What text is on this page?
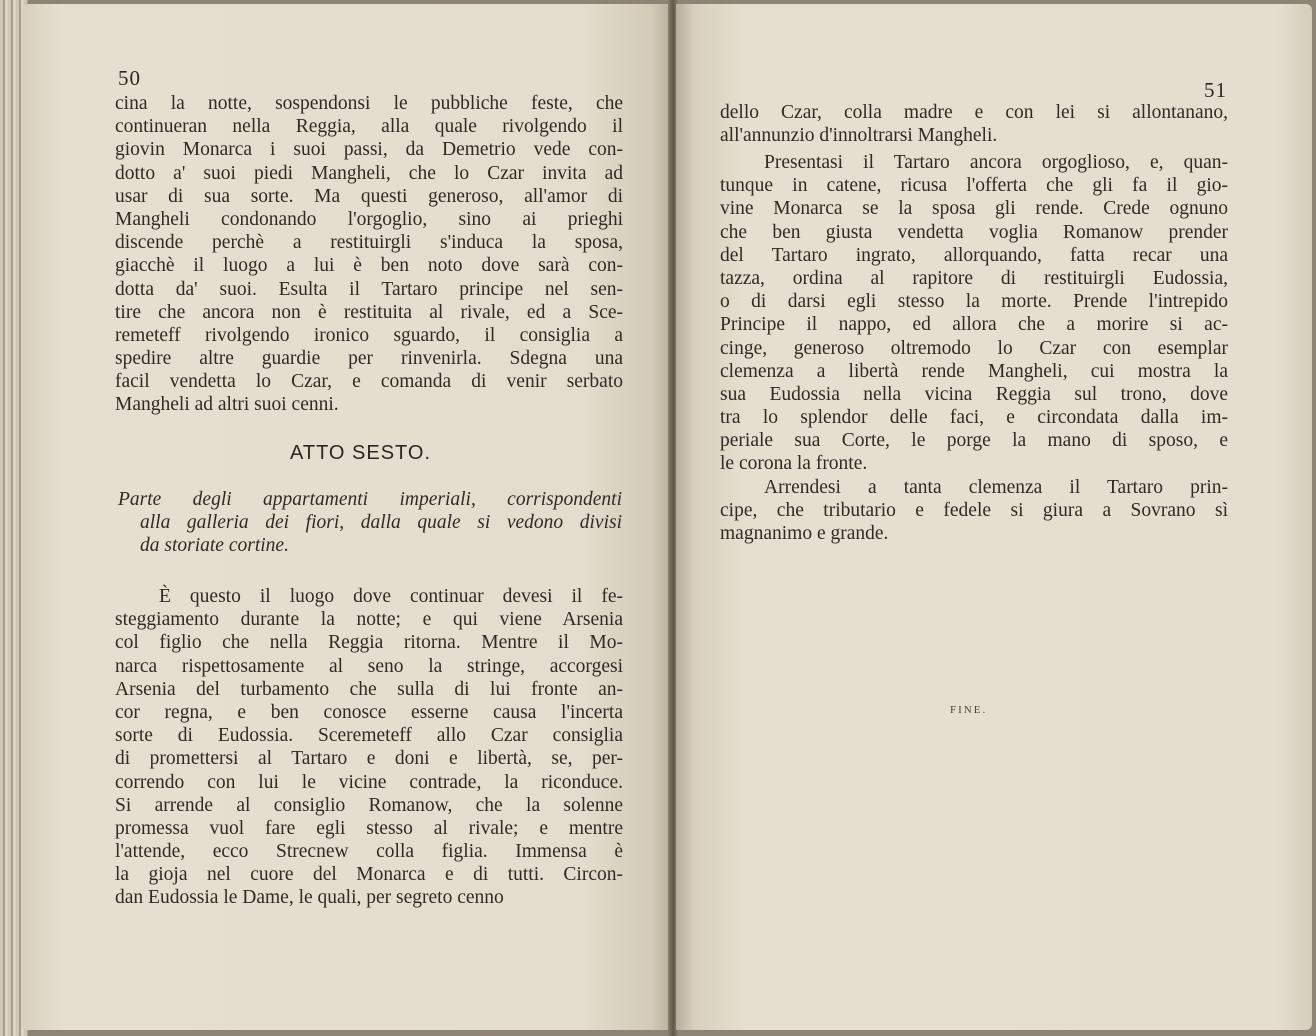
50
cina la notte, sospendonsi le pubbliche feste, che
continueran nella Reggia, alla quale rivolgendo il
giovin Monarca i suoi passi, da Demetrio vede con-
dotto a' suoi piedi Mangheli, che lo Czar invita ad
usar di sua sorte. Ma questi generoso, all'amor di
Mangheli condonando l'orgoglio, sino ai prieghi
discende perchè a restituirgli s'induca la sposa,
giacchè il luogo a lui è ben noto dove sarà con-
dotta da' suoi. Esulta il Tartaro principe nel sen-
tire che ancora non è restituita al rivale, ed a Sce-
remeteff rivolgendo ironico sguardo, il consiglia a
spedire altre guardie per rinvenirla. Sdegna una
facil vendetta lo Czar, e comanda di venir serbato
Mangheli ad altri suoi cenni.
ATTO SESTO.
Parte degli appartamenti imperiali, corrispondenti
alla galleria dei fiori, dalla quale si vedono divisi
da storiate cortine.
È questo il luogo dove continuar devesi il fe-
steggiamento durante la notte; e qui viene Arsenia
col figlio che nella Reggia ritorna. Mentre il Mo-
narca rispettosamente al seno la stringe, accorgesi
Arsenia del turbamento che sulla di lui fronte an-
cor regna, e ben conosce esserne causa l'incerta
sorte di Eudossia. Sceremeteff allo Czar consiglia
di promettersi al Tartaro e doni e libertà, se, per-
correndo con lui le vicine contrade, la riconduce.
Si arrende al consiglio Romanow, che la solenne
promessa vuol fare egli stesso al rivale; e mentre
l'attende, ecco Strecnew colla figlia. Immensa è
la gioja nel cuore del Monarca e di tutti. Circon-
dan Eudossia le Dame, le quali, per segreto cenno
51
dello Czar, colla madre e con lei si allontanano,
all'annunzio d'innoltrarsi Mangheli.
Presentasi il Tartaro ancora orgoglioso, e, quan-
tunque in catene, ricusa l'offerta che gli fa il gio-
vine Monarca se la sposa gli rende. Crede ognuno
che ben giusta vendetta voglia Romanow prender
del Tartaro ingrato, allorquando, fatta recar una
tazza, ordina al rapitore di restituirgli Eudossia,
o di darsi egli stesso la morte. Prende l'intrepido
Principe il nappo, ed allora che a morire si ac-
cinge, generoso oltremodo lo Czar con esemplar
clemenza a libertà rende Mangheli, cui mostra la
sua Eudossia nella vicina Reggia sul trono, dove
tra lo splendor delle faci, e circondata dalla im-
periale sua Corte, le porge la mano di sposo, e
le corona la fronte.
Arrendesi a tanta clemenza il Tartaro prin-
cipe, che tributario e fedele si giura a Sovrano sì
magnanimo e grande.
FINE.
